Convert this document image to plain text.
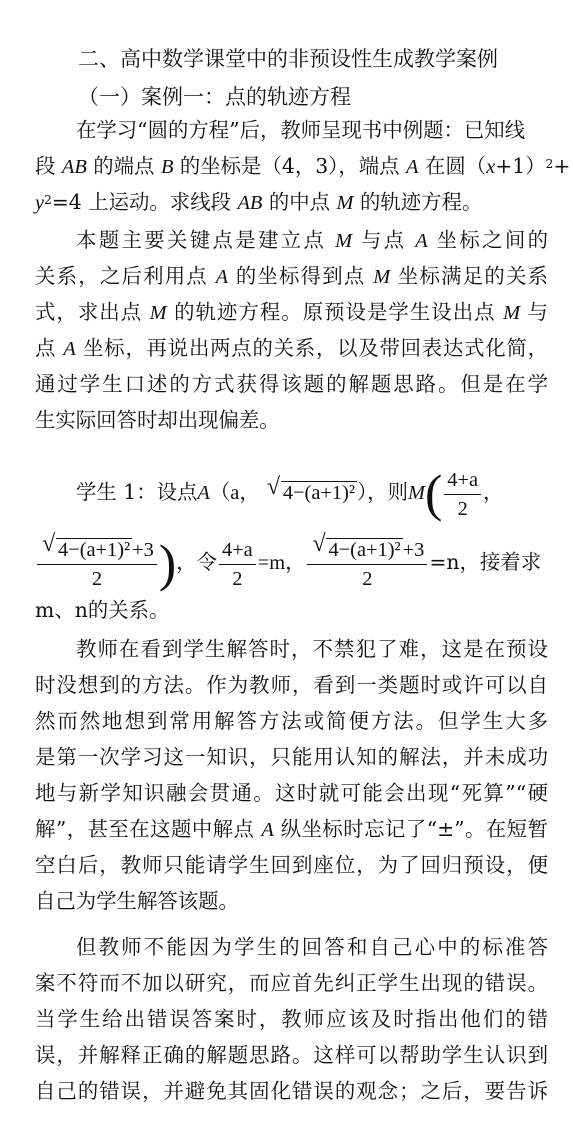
二、高中数学课堂中的非预设性生成教学案例
（一）案例一：点的轨迹方程
在学习“圆的方程”后，教师呈现书中例题：已知线
段 AB 的端点 B 的坐标是（4，3），端点 A 在圆$(x+1)^2+$
$y^2=4$ 上运动。求线段 AB 的中点 M 的轨迹方程。
本题主要关键点是建立点 M 与点 A 坐标之间的
关系，之后利用点 A 的坐标得到点 M 坐标满足的关系
式，求出点 M 的轨迹方程。原预设是学生设出点 M 与
点 A 坐标，再说出两点的关系，以及带回表达式化简，
通过学生口述的方式获得该题的解题思路。但是在学
生实际回答时却出现偏差。
学生 1：设点A（a， √ 4−(a+1)²），则$M( \frac{4+a}{2}$ ，
$\frac{\text{√ 4−(a+1)²+3}}{2}$ )，令 $\frac{4+a}{2} =m$， $\frac{\text{√ 4−(a+1)²+3}}{2} =n$，接着求
m、n的关系。
教师在看到学生解答时，不禁犯了难，这是在预设
时没想到的方法。作为教师，看到一类题时或许可以自
然而然地想到常用解答方法或简便方法。但学生大多
是第一次学习这一知识，只能用认知的解法，并未成功
地与新学知识融会贯通。这时就可能会出现“死算”“硬
解”，甚至在这题中解点 A 纵坐标时忘记了“±”。在短暂
空白后，教师只能请学生回到座位，为了回归预设，便
自己为学生解答该题。
但教师不能因为学生的回答和自己心中的标准答
案不符而不加以研究，而应首先纠正学生出现的错误。
当学生给出错误答案时，教师应该及时指出他们的错
误，并解释正确的解题思路。这样可以帮助学生认识到
自己的错误，并避免其固化错误的观念；之后，要告诉
